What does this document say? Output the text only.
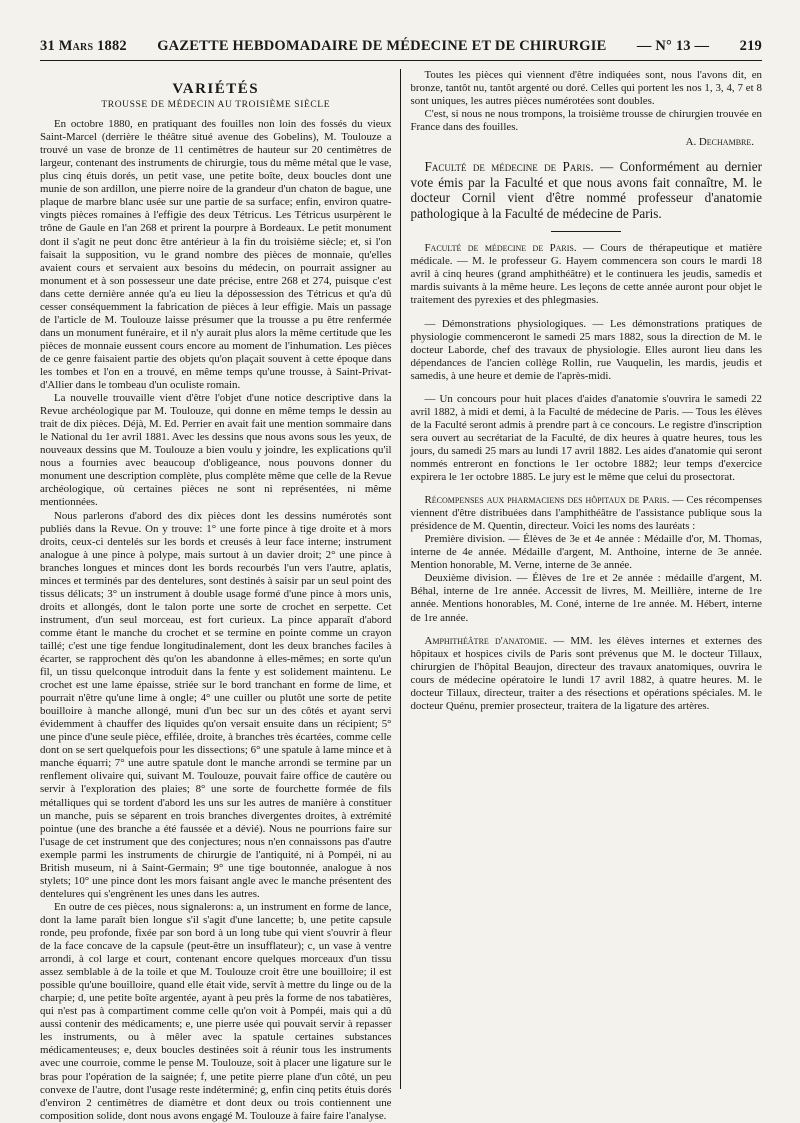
31 Mars 1882 GAZETTE HEBDOMADAIRE DE MÉDECINE ET DE CHIRURGIE — N° 13 — 219
VARIÉTÉS
TROUSSE DE MÉDECIN AU TROISIÈME SIÈCLE

En octobre 1880, en pratiquant des fouilles non loin des fossés du vieux Saint-Marcel (derrière le théâtre situé avenue des Gobelins), M. Toulouze a trouvé un vase de bronze de 11 centimètres de hauteur sur 20 centimètres de largeur, contenant des instruments de chirurgie, tous du même métal que le vase, plus cinq étuis dorés, un petit vase, une petite boîte, deux boucles dont une munie de son ardillon, une pierre noire de la grandeur d'un chaton de bague, une plaque de marbre blanc usée sur une partie de sa surface; enfin, environ quatre-vingts pièces romaines à l'effigie des deux Tétricus. Les Tétricus usurpèrent le trône de Gaule en l'an 268 et prirent la pourpre à Bordeaux. Le petit monument dont il s'agit ne peut donc être antérieur à la fin du troisième siècle; et, si l'on faisait la supposition, vu le grand nombre des pièces de monnaie, qu'elles avaient cours et servaient aux besoins du médecin, on pourrait assigner au monument et à son possesseur une date précise, entre 268 et 274, puisque c'est dans cette dernière année qu'a eu lieu la dépossession des Tétricus et qu'a dû cesser conséquemment la fabrication de pièces à leur effigie. Mais un passage de l'article de M. Toulouze laisse présumer que la trousse a pu être renfermée dans un monument funéraire, et il n'y aurait plus alors la même certitude que les pièces de monnaie eussent cours encore au moment de l'inhumation. Les pièces de ce genre faisaient partie des objets qu'on plaçait souvent à cette époque dans les tombes et l'on en a trouvé, en même temps qu'une trousse, à Saint-Privat-d'Allier dans le tombeau d'un oculiste romain.

La nouvelle trouvaille vient d'être l'objet d'une notice descriptive dans la Revue archéologique par M. Toulouze, qui donne en même temps le dessin au trait de dix pièces. Déjà, M. Ed. Perrier en avait fait une mention sommaire dans le National du 1er avril 1881. Avec les dessins que nous avons sous les yeux, de nouveaux dessins que M. Toulouze a bien voulu y joindre, les explications qu'il nous a fournies avec beaucoup d'obligeance, nous pouvons donner du monument une description complète, plus complète même que celle de la Revue archéologique, où certaines pièces ne sont ni représentées, ni même mentionnées.

Nous parlerons d'abord des dix pièces dont les dessins numérotés sont publiés dans la Revue. On y trouve: 1° une forte pince à tige droite et à mors droits, ceux-ci dentelés sur les bords et creusés à leur face interne; instrument analogue à une pince à polype, mais surtout à un davier droit; 2° une pince à branches longues et minces dont les bords recourbés l'un vers l'autre, aplatis, minces et terminés par des dentelures, sont destinés à saisir par un seul point des tissus délicats; 3° un instrument à double usage formé d'une pince à mors unis, droits et allongés, dont le talon porte une sorte de crochet en serpette. Cet instrument, d'un seul morceau, est fort curieux. La pince apparaît d'abord comme étant le manche du crochet et se termine en pointe comme un crayon taillé; c'est une tige fendue longitudinalement, dont les deux branches faciles à écarter, se rapprochent dès qu'on les abandonne à elles-mêmes; en sorte qu'un fil, un tissu quelconque introduit dans la fente y est solidement maintenu. Le crochet est une lame épaisse, striée sur le bord tranchant en forme de lime, et pourrait n'être qu'une lime à ongle; 4° une cuiller ou plutôt une sorte de petite bouilloire à manche allongé, muni d'un bec sur un des côtés et ayant servi évidemment à chauffer des liquides qu'on versait ensuite dans un récipient; 5° une pince d'une seule pièce, effilée, droite, à branches très écartées, comme celle dont on se sert quelquefois pour les dissections; 6° une spatule à lame mince et à manche équarri; 7° une autre spatule dont le manche arrondi se termine par un renflement olivaire qui, suivant M. Toulouze, pouvait faire office de cautère ou servir à l'exploration des plaies; 8° une sorte de fourchette formée de fils métalliques qui se tordent d'abord les uns sur les autres de manière à constituer un manche, puis se séparent en trois branches divergentes droites, à extrémité pointue (une des branche a été faussée et a dévié). Nous ne pourrions faire sur l'usage de cet instrument que des conjectures; nous n'en connaissons pas d'autre exemple parmi les instruments de chirurgie de l'antiquité, ni à Pompéi, ni au British museum, ni à Saint-Germain; 9° une tige boutonnée, analogue à nos stylets; 10° une pince dont les mors faisant angle avec le manche présentent des dentelures qui s'engrènent les unes dans les autres.

En outre de ces pièces, nous signalerons: a, un instrument en forme de lance, dont la lame paraît bien longue s'il s'agit d'une lancette; b, une petite capsule ronde, peu profonde, fixée par son bord à un long tube qui vient s'ouvrir à fleur de la face concave de la capsule (peut-être un insufflateur); c, un vase à ventre arrondi, à col large et court, contenant encore quelques morceaux d'un tissu assez semblable à de la toile et que M. Toulouze croit être une bouilloire; il est possible qu'une bouilloire, quand elle était vide, servît à mettre du linge ou de la charpie; d, une petite boîte argentée, ayant à peu près la forme de nos tabatières, qui n'est pas à compartiment comme celle qu'on voit à Pompéi, mais qui a dû aussi contenir des médicaments; e, une pierre usée qui pouvait servir à repasser les instruments, ou à mêler avec la spatule certaines substances médicamenteuses; e, deux boucles destinées soit à réunir tous les instruments avec une courroie, comme le pense M. Toulouze, soit à placer une ligature sur le bras pour l'opération de la saignée; f, une petite pierre plane d'un côté, un peu convexe de l'autre, dont l'usage reste indéterminé; g, enfin cinq petits étuis dorés d'environ 2 centimètres de diamètre et dont deux ou trois contiennent une composition solide, dont nous avons engagé M. Toulouze à faire faire l'analyse.

Toutes les pièces qui viennent d'être indiquées sont, nous l'avons dit, en bronze, tantôt nu, tantôt argenté ou doré. Celles qui portent les nos 1, 3, 4, 7 et 8 sont uniques, les autres pièces numérotées sont doubles.

C'est, si nous ne nous trompons, la troisième trousse de chirurgien trouvée en France dans des fouilles.

A. Dechambre.

Faculté de médecine de Paris. — Conformément au dernier vote émis par la Faculté et que nous avons fait connaître, M. le docteur Cornil vient d'être nommé professeur d'anatomie pathologique à la Faculté de médecine de Paris.

Faculté de médecine de Paris. — Cours de thérapeutique et matière médicale. — M. le professeur G. Hayem commencera son cours le mardi 18 avril à cinq heures (grand amphithéâtre) et le continuera les jeudis, samedis et mardis suivants à la même heure. Les leçons de cette année auront pour objet le traitement des pyrexies et des phlegmasies.

— Démonstrations physiologiques. — Les démonstrations pratiques de physiologie commenceront le samedi 25 mars 1882, sous la direction de M. le docteur Laborde, chef des travaux de physiologie. Elles auront lieu dans les dépendances de l'ancien collège Rollin, rue Vauquelin, les mardis, jeudis et samedis, à une heure et demie de l'après-midi.

— Un concours pour huit places d'aides d'anatomie s'ouvrira le samedi 22 avril 1882, à midi et demi, à la Faculté de médecine de Paris. — Tous les élèves de la Faculté seront admis à prendre part à ce concours. Le registre d'inscription sera ouvert au secrétariat de la Faculté, de dix heures à quatre heures, tous les jours, du samedi 25 mars au lundi 17 avril 1882. Les aides d'anatomie qui seront nommés entreront en fonctions le 1er octobre 1882; leur temps d'exercice expirera le 1er octobre 1885. Le jury est le même que celui du prosectorat.

Récompenses aux pharmaciens des hôpitaux de Paris. — Ces récompenses viennent d'être distribuées dans l'amphithéâtre de l'assistance publique sous la présidence de M. Quentin, directeur. Voici les noms des lauréats :

Première division. — Élèves de 3e et 4e année : Médaille d'or, M. Thomas, interne de 4e année. Médaille d'argent, M. Anthoine, interne de 3e année. Mention honorable, M. Verne, interne de 3e année.

Deuxième division. — Élèves de 1re et 2e année : médaille d'argent, M. Béhal, interne de 1re année. Accessit de livres, M. Meillière, interne de 1re année. Mentions honorables, M. Coné, interne de 1re année. M. Hébert, interne de 1re année.

Amphithéâtre d'anatomie. — MM. les élèves internes et externes des hôpitaux et hospices civils de Paris sont prévenus que M. le docteur Tillaux, chirurgien de l'hôpital Beaujon, directeur des travaux anatomiques, ouvrira le cours de médecine opératoire le lundi 17 avril 1882, à quatre heures. M. le docteur Tillaux, directeur, traiter a des résections et opérations spéciales. M. le docteur Quénu, premier prosecteur, traitera de la ligature des artères.
